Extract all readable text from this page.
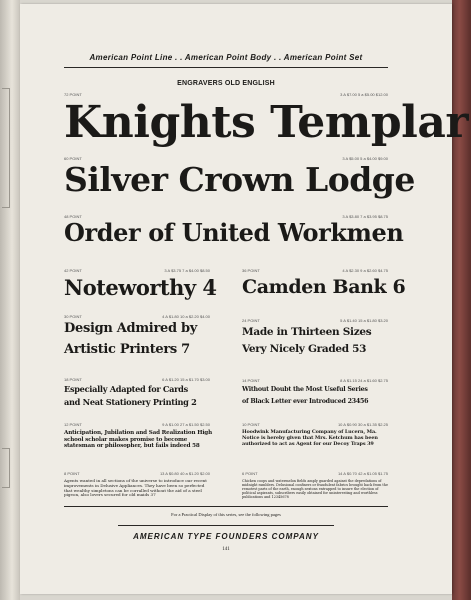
American Point Line . . American Point Body . . American Point Set
ENGRAVERS OLD ENGLISH
72 POINT	3 A $7.00 5 a $5.00 $12.00
Knights Templar
60 POINT	3 A $5.00 5 a $4.00 $9.00
Silver Crown Lodge
48 POINT	3 A $3.80 7 a $3.95 $8.75
Order of United Workmen
42 POINT	3 A $3.75 7 a $4.00 $8.50
Noteworthy 4
36 POINT	4 A $2.30 9 a $2.60 $4.75
Camden Bank 6
30 POINT	4 A $1.80 10 a $2.20 $4.00
Design Admired by
Artistic Printers 7
24 POINT	5 A $1.40 15 a $1.80 $3.20
Made in Thirteen Sizes
Very Nicely Graded 53
18 POINT	6 A $1.20 15 a $1.70 $3.00
Especially Adapted for Cards
and Neat Stationery Printing 2
14 POINT	8 A $1.15 24 a $1.60 $2.75
Without Doubt the Most Useful Series
of Black Letter ever Introduced 23456
12 POINT	9 A $1.00 27 a $1.50 $2.50
Anticipation, Jubilation and Sad Realization High school scholar makes promise to become statesman or philosopher, but fails indeed 58
10 POINT	10 A $0.90 30 a $1.35 $2.25
Hoodwink Manufacturing Company of Lucern, Ma. Notice is hereby given that Mrs. Ketchum has been authorized to act as Agent for our Decoy Traps 39
8 POINT	13 A $0.80 40 a $1.20 $2.00
Agents wanted in all sections of the universe to introduce our recent improvements in Delusive Appliances. They have been so perfected that wealthy simpletons can be corralled without the aid of a steel pigeon, also lovers secured for old maids 37
6 POINT	14 A $0.70 42 a $1.05 $1.75
Chicken coops and watermelon fields amply guarded against the depredations of midnight ramblers. Delusional confiners or fraudulent fabrics brought back from the remotest parts of the earth, enough sextons entrapped to insure the election of political aspirants, subscribers easily obtained for uninteresting and worthless publications and 12345678
For a Practical Display of this series, see the following pages
AMERICAN TYPE FOUNDERS COMPANY
141
